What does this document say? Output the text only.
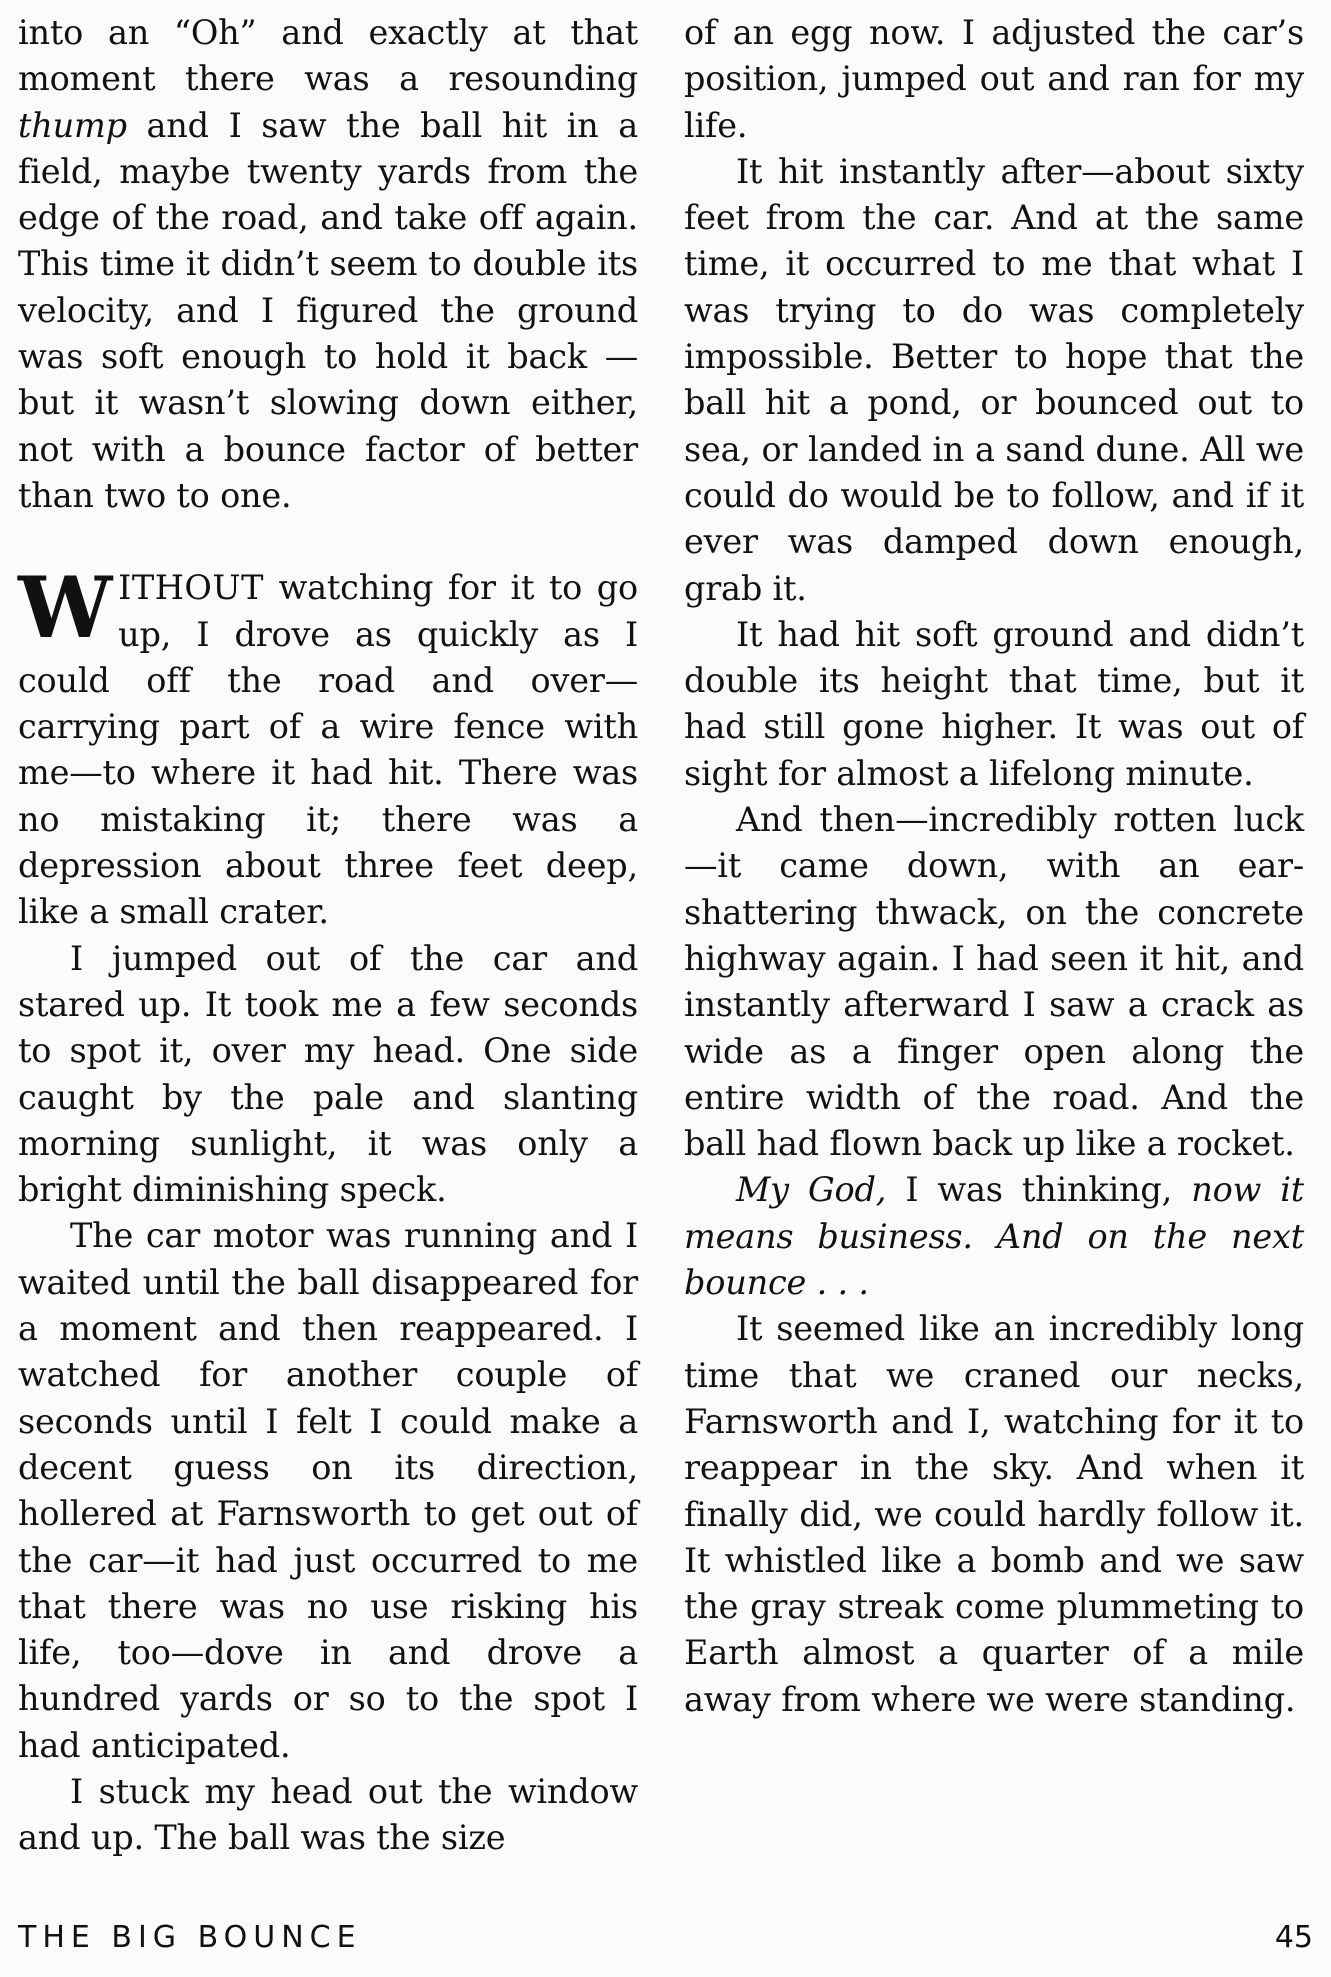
into an “Oh” and exactly at that moment there was a resounding thump and I saw the ball hit in a field, maybe twenty yards from the edge of the road, and take off again. This time it didn’t seem to double its velocity, and I figured the ground was soft enough to hold it back — but it wasn’t slowing down either, not with a bounce factor of better than two to one.

WITHOUT watching for it to go up, I drove as quickly as I could off the road and over—carrying part of a wire fence with me—to where it had hit. There was no mistaking it; there was a depression about three feet deep, like a small crater.

I jumped out of the car and stared up. It took me a few seconds to spot it, over my head. One side caught by the pale and slanting morning sunlight, it was only a bright diminishing speck.

The car motor was running and I waited until the ball disappeared for a moment and then reappeared. I watched for another couple of seconds until I felt I could make a decent guess on its direction, hollered at Farnsworth to get out of the car—it had just occurred to me that there was no use risking his life, too—dove in and drove a hundred yards or so to the spot I had anticipated.

I stuck my head out the window and up. The ball was the size

of an egg now. I adjusted the car’s position, jumped out and ran for my life.

It hit instantly after—about sixty feet from the car. And at the same time, it occurred to me that what I was trying to do was completely impossible. Better to hope that the ball hit a pond, or bounced out to sea, or landed in a sand dune. All we could do would be to follow, and if it ever was damped down enough, grab it.

It had hit soft ground and didn’t double its height that time, but it had still gone higher. It was out of sight for almost a lifelong minute.

And then—incredibly rotten luck —it came down, with an ear-shattering thwack, on the concrete highway again. I had seen it hit, and instantly afterward I saw a crack as wide as a finger open along the entire width of the road. And the ball had flown back up like a rocket.

My God, I was thinking, now it means business. And on the next bounce . . .

It seemed like an incredibly long time that we craned our necks, Farnsworth and I, watching for it to reappear in the sky. And when it finally did, we could hardly follow it. It whistled like a bomb and we saw the gray streak come plummeting to Earth almost a quarter of a mile away from where we were standing.

THE BIG BOUNCE	45
